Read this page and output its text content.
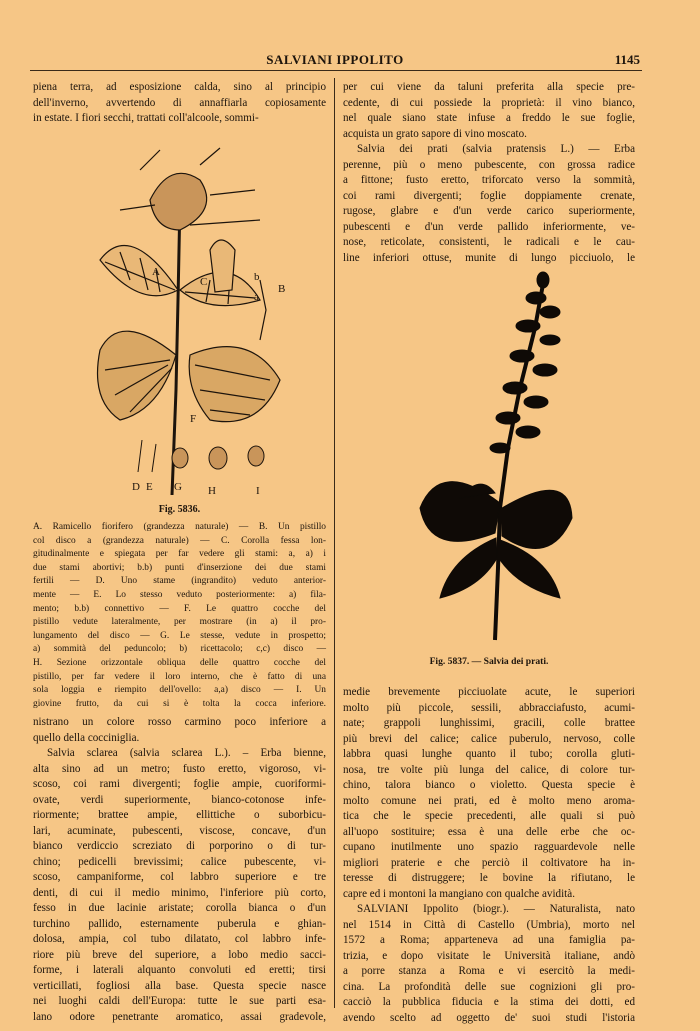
SALVIANI IPPOLITO	1145
piena terra, ad esposizione calda, sino al principio
dell'inverno, avvertendo di annaffiarla copiosamente
in estate. I fiori secchi, trattati coll'alcoole, sommi-
A
C
B
a
b
D E
F
G H	I
Fig. 5836.
A. Ramicello fiorifero (grandezza naturale) — B. Un pistillo
col disco a (grandezza naturale) — C. Corolla fessa lon-
gitudinalmente e spiegata per far vedere gli stami: a, a) i
due stami abortivi; b.b) punti d'inserzione dei due stami
fertili — D. Uno stame (ingrandito) veduto anterior-
mente — E. Lo stesso veduto posteriormente: a) fila-
mento; b.b) connettivo — F. Le quattro cocche del
pistillo vedute lateralmente, per mostrare (in a) il pro-
lungamento del disco — G. Le stesse, vedute in prospetto;
a) sommità del peduncolo; b) ricettacolo; c,c) disco —
H. Sezione orizzontale obliqua delle quattro cocche del
pistillo, per far vedere il loro interno, che è fatto di una
sola loggia e riempito dell'ovello: a,a) disco — I. Un
giovine frutto, da cui si è tolta la cocca inferiore.
nistrano un colore rosso carmino poco inferiore a
quello della cocciniglia.
Salvia sclarea (salvia sclarea L.). – Erba bienne,
alta sino ad un metro; fusto eretto, vigoroso, vi-
scoso, coi rami divergenti; foglie ampie, cuoriformi-
ovate, verdi superiormente, bianco-cotonose infe-
riormente; brattee ampie, ellittiche o suborbicu-
lari, acuminate, pubescenti, viscose, concave, d'un
bianco verdiccio screziato di porporino o di tur-
chino; pedicelli brevissimi; calice pubescente, vi-
scoso, campaniforme, col labbro superiore e tre
denti, di cui il medio minimo, l'inferiore più corto,
fesso in due lacinie aristate; corolla bianca o d'un
turchino pallido, esternamente puberula e ghian-
dolosa, ampia, col tubo dilatato, col labbro infe-
riore più breve del superiore, a lobo medio sacci-
forme, i laterali alquanto convoluti ed eretti; tirsi
verticillati, fogliosi alla base. Questa specie nasce
nei luoghi caldi dell'Europa: tutte le sue parti esa-
lano odore penetrante aromatico, assai gradevole,
per cui viene da taluni preferita alla specie pre-
cedente, di cui possiede la proprietà: il vino bianco,
nel quale siano state infuse a freddo le sue foglie,
acquista un grato sapore di vino moscato.
Salvia dei prati (salvia pratensis L.) — Erba
perenne, più o meno pubescente, con grossa radice
a fittone; fusto eretto, triforcato verso la sommità,
coi rami divergenti; foglie doppiamente crenate,
rugose, glabre e d'un verde carico superiormente,
pubescenti e d'un verde pallido inferiormente, ve-
nose, reticolate, consistenti, le radicali e le cau-
line inferiori ottuse, munite di lungo picciuolo, le
Fig. 5837. — Salvia dei prati.
medie brevemente picciuolate acute, le superiori
molto più piccole, sessili, abbracciafusto, acumi-
nate; grappoli lunghissimi, gracili, colle brattee
più brevi del calice; calice puberulo, nervoso, colle
labbra quasi lunghe quanto il tubo; corolla gluti-
nosa, tre volte più lunga del calice, di colore tur-
chino, talora bianco o violetto. Questa specie è
molto comune nei prati, ed è molto meno aroma-
tica che le specie precedenti, alle quali si può
all'uopo sostituire; essa è una delle erbe che oc-
cupano inutilmente uno spazio ragguardevole nelle
migliori praterie e che perciò il coltivatore ha in-
teresse di distruggere; le bovine la rifiutano, le
capre ed i montoni la mangiano con qualche avidità.
SALVIANI Ippolito (biogr.). — Naturalista, nato
nel 1514 in Città di Castello (Umbria), morto nel
1572 a Roma; appartenevа ad una famiglia pa-
trizia, e dopo visitate le Università italiane, andò
a porre stanza a Roma e vi esercitò la medi-
cina. La profondità delle sue cognizioni gli pro-
cacciò la pubblica fiducia e la stima dei dotti, ed
avendo scelto ad oggetto de' suoi studi l'istoria
